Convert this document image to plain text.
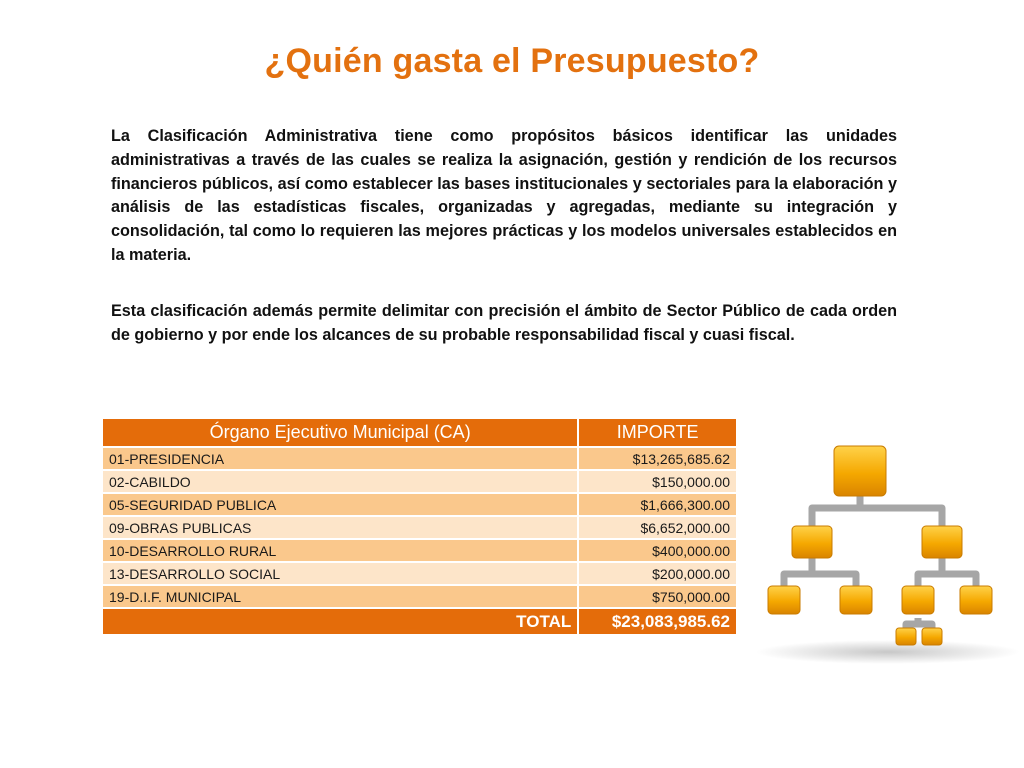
¿Quién gasta el Presupuesto?

La Clasificación Administrativa tiene como propósitos básicos identificar las unidades administrativas a través de las cuales se realiza la asignación, gestión y rendición de los recursos financieros públicos, así como establecer las bases institucionales y sectoriales para la elaboración y análisis de las estadísticas fiscales, organizadas y agregadas, mediante su integración y consolidación, tal como lo requieren las mejores prácticas y los modelos universales establecidos en la materia.

Esta clasificación además permite delimitar con precisión el ámbito de Sector Público de cada orden de gobierno y por ende los alcances de su probable responsabilidad fiscal y cuasi fiscal.

Órgano Ejecutivo Municipal (CA)	IMPORTE
01-PRESIDENCIA	$13,265,685.62
02-CABILDO	$150,000.00
05-SEGURIDAD PUBLICA	$1,666,300.00
09-OBRAS PUBLICAS	$6,652,000.00
10-DESARROLLO RURAL	$400,000.00
13-DESARROLLO SOCIAL	$200,000.00
19-D.I.F. MUNICIPAL	$750,000.00
TOTAL	$23,083,985.62
